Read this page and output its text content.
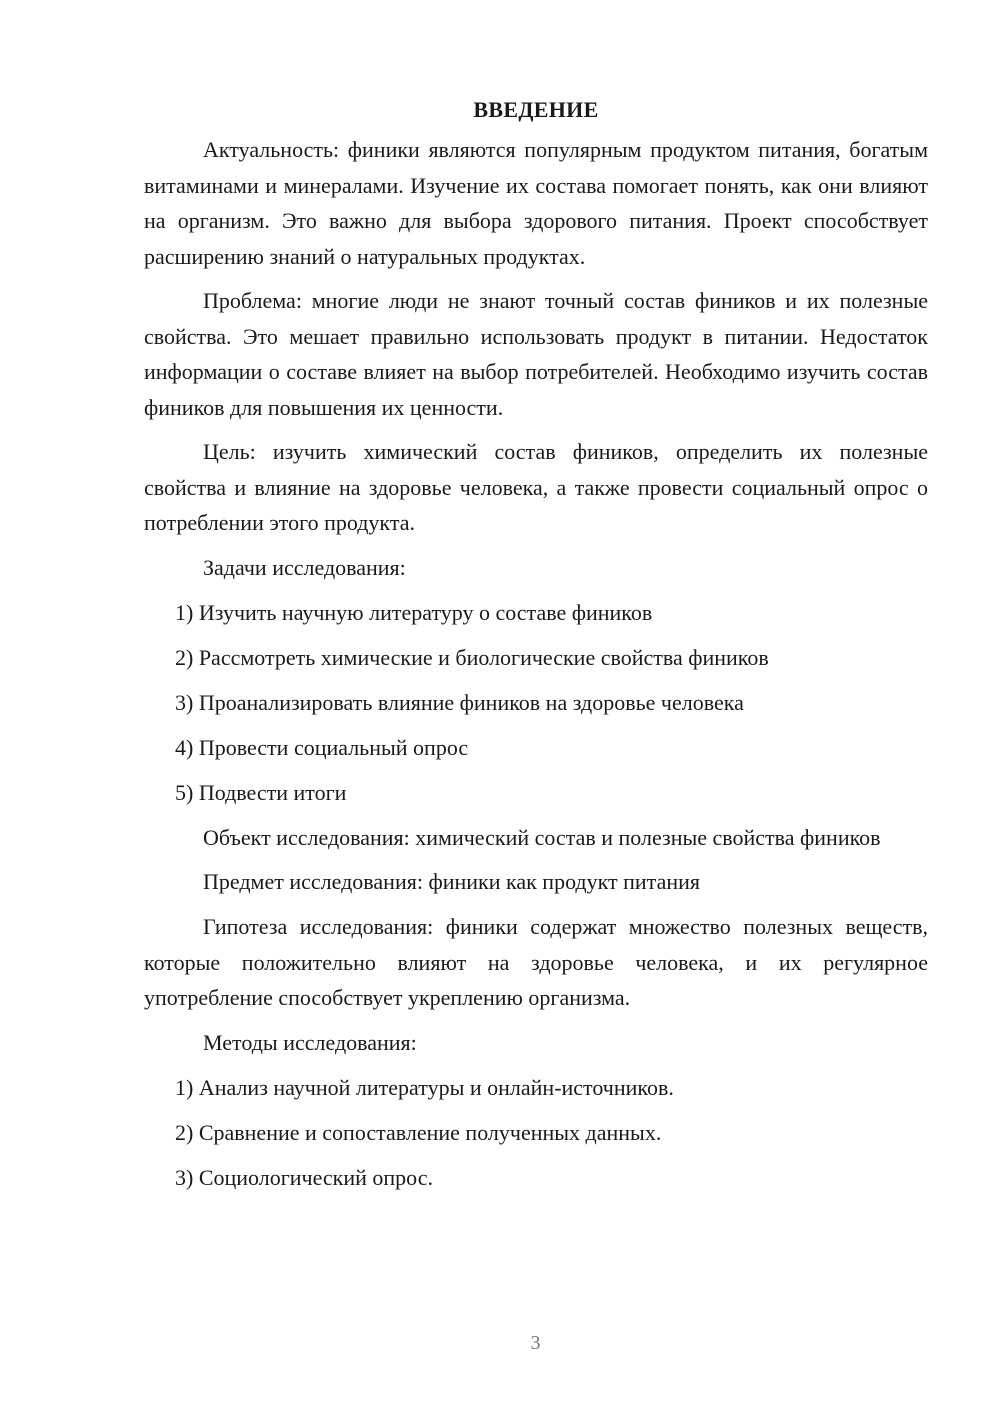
ВВЕДЕНИЕ

Актуальность: финики являются популярным продуктом питания, богатым витаминами и минералами. Изучение их состава помогает понять, как они влияют на организм. Это важно для выбора здорового питания. Проект способствует расширению знаний о натуральных продуктах.

Проблема: многие люди не знают точный состав фиников и их полезные свойства. Это мешает правильно использовать продукт в питании. Недостаток информации о составе влияет на выбор потребителей. Необходимо изучить состав фиников для повышения их ценности.

Цель: изучить химический состав фиников, определить их полезные свойства и влияние на здоровье человека, а также провести социальный опрос о потреблении этого продукта.

Задачи исследования:

1) Изучить научную литературу о составе фиников

2) Рассмотреть химические и биологические свойства фиников

3) Проанализировать влияние фиников на здоровье человека

4) Провести социальный опрос

5) Подвести итоги

Объект исследования: химический состав и полезные свойства фиников

Предмет исследования: финики как продукт питания

Гипотеза исследования: финики содержат множество полезных веществ, которые положительно влияют на здоровье человека, и их регулярное употребление способствует укреплению организма.

Методы исследования:

1) Анализ научной литературы и онлайн-источников.

2) Сравнение и сопоставление полученных данных.

3) Социологический опрос.

3
